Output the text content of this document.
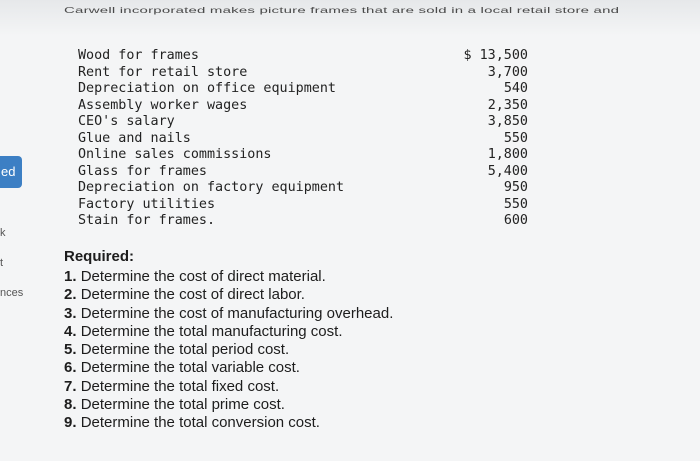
Carwell incorporated makes picture frames that are sold in a local retail store and
ed
k
t
nces
Wood for frames	$ 13,500
Rent for retail store	3,700
Depreciation on office equipment	540
Assembly worker wages	2,350
CEO's salary	3,850
Glue and nails	550
Online sales commissions	1,800
Glass for frames	5,400
Depreciation on factory equipment	950
Factory utilities	550
Stain for frames.	600
Required:
1. Determine the cost of direct material.
2. Determine the cost of direct labor.
3. Determine the cost of manufacturing overhead.
4. Determine the total manufacturing cost.
5. Determine the total period cost.
6. Determine the total variable cost.
7. Determine the total fixed cost.
8. Determine the total prime cost.
9. Determine the total conversion cost.
